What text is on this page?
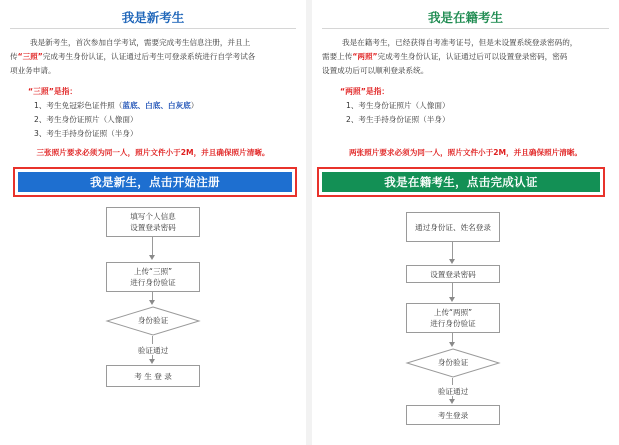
我是新考生
我是新考生，首次参加自学考试，需要完成考生信息注册，并且上
传“三照”完成考生身份认证，认证通过后考生可登录系统进行自学考试各
项业务申请。
“三照”是指：
1、考生免冠彩色证件照（蓝底、白底、白灰底）
2、考生身份证照片（人像面）
3、考生手持身份证照（半身）
三张照片要求必须为同一人，照片文件小于2M，并且确保照片清晰。
我是新生，点击开始注册
填写个人信息
设置登录密码
上传“三照”
进行身份验证
身份验证
验证通过
考 生 登 录
我是在籍考生
我是在籍考生，已经获得自考准考证号，但是未设置系统登录密码的，
需要上传“两照”完成考生身份认证，认证通过后可以设置登录密码，密码
设置成功后可以顺利登录系统。
“两照”是指：
1、考生身份证照片（人像面）
2、考生手持身份证照（半身）
两张照片要求必须为同一人，照片文件小于2M，并且确保照片清晰。
我是在籍考生，点击完成认证
通过身份证、姓名登录
设置登录密码
上传“两照”
进行身份验证
身份验证
验证通过
考生登录
